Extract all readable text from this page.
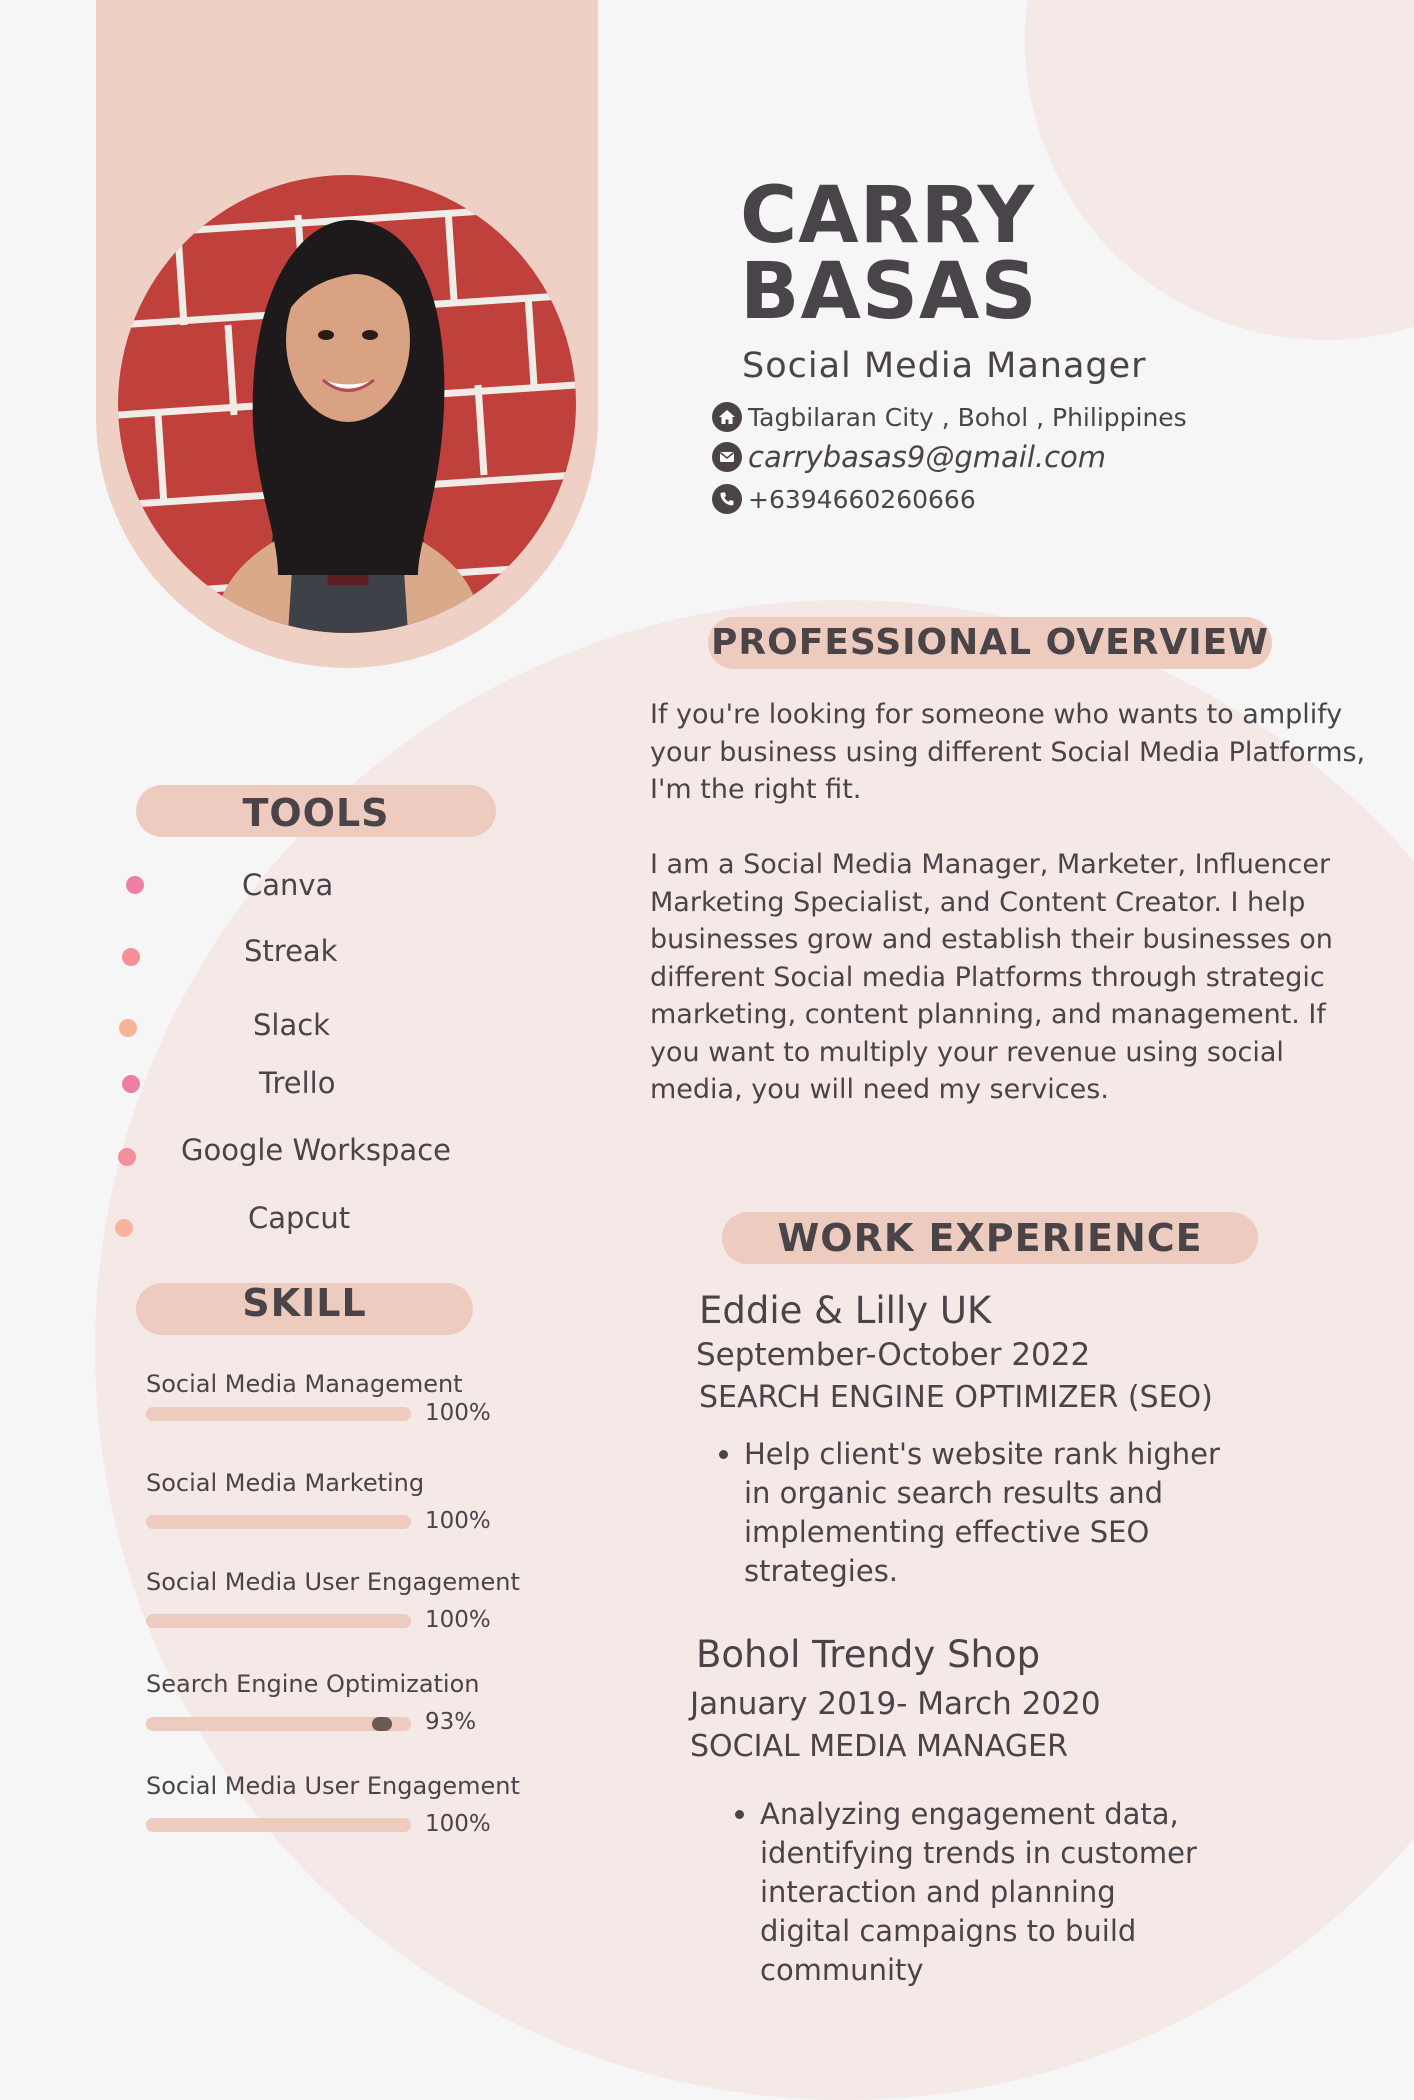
CARRY
BASAS
Social Media Manager
Tagbilaran City , Bohol , Philippines
carrybasas9@gmail.com
+6394660260666
PROFESSIONAL OVERVIEW
If you're looking for someone who wants to amplify your business using different Social Media Platforms, I'm the right fit.
I am a Social Media Manager, Marketer, Influencer Marketing Specialist, and Content Creator. I help businesses grow and establish their businesses on different Social media Platforms through strategic marketing, content planning, and management. If you want to multiply your revenue using social media, you will need my services.
TOOLS
Canva
Streak
Slack
Trello
Google Workspace
Capcut
SKILL
Social Media Management
100%
Social Media Marketing
100%
Social Media User Engagement
100%
Search Engine Optimization
93%
Social Media User Engagement
100%
WORK EXPERIENCE
Eddie & Lilly UK
September-October 2022
SEARCH ENGINE OPTIMIZER (SEO)
• Help client's website rank higher in organic search results and implementing effective SEO strategies.
Bohol Trendy Shop
January 2019- March 2020
SOCIAL MEDIA MANAGER
• Analyzing engagement data, identifying trends in customer interaction and planning digital campaigns to build community
